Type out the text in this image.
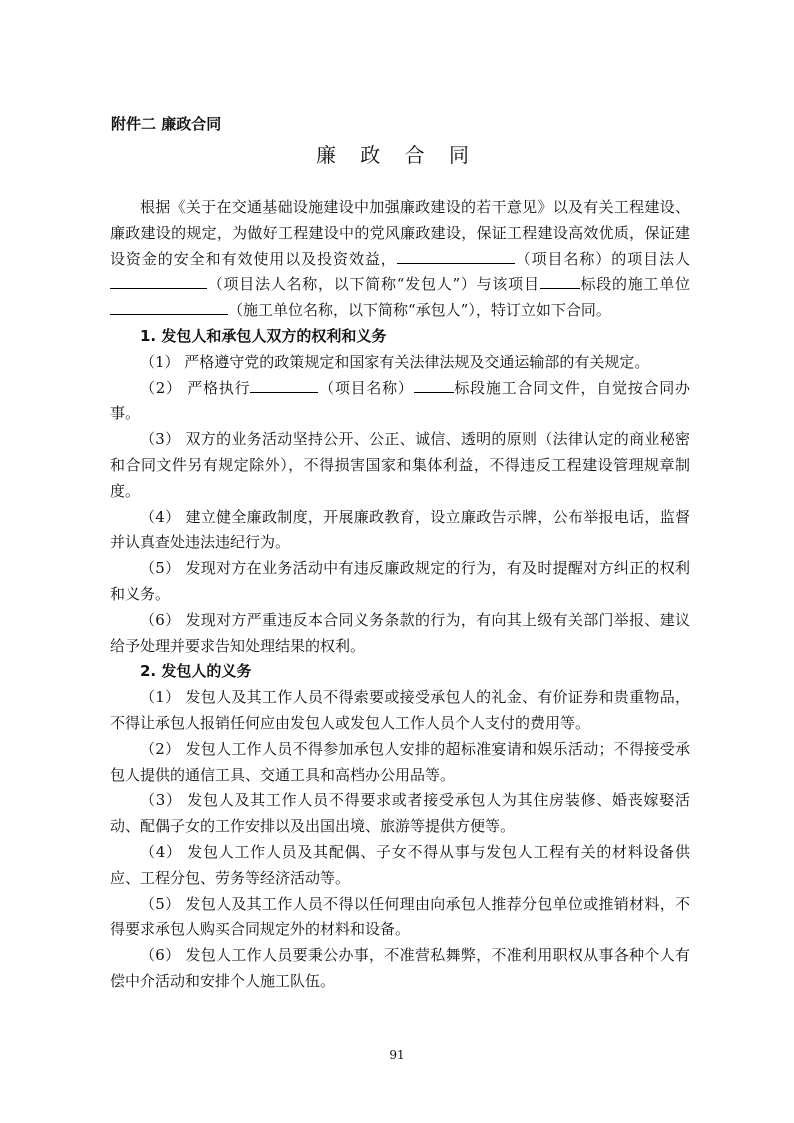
附件二 廉政合同
廉 政 合 同

根据《关于在交通基础设施建设中加强廉政建设的若干意见》以及有关工程建设、廉政建设的规定，为做好工程建设中的党风廉政建设，保证工程建设高效优质，保证建设资金的安全和有效使用以及投资效益，	（项目名称）的项目法人（项目法人名称，以下简称“发包人”）与该项目	标段的施工单位（施工单位名称，以下简称“承包人”），特订立如下合同。

1. 发包人和承包人双方的权利和义务

（1） 严格遵守党的政策规定和国家有关法律法规及交通运输部的有关规定。

（2） 严格执行	（项目名称）	标段施工合同文件，自觉按合同办事。

（3） 双方的业务活动坚持公开、公正、诚信、透明的原则（法律认定的商业秘密和合同文件另有规定除外），不得损害国家和集体利益，不得违反工程建设管理规章制度。

（4） 建立健全廉政制度，开展廉政教育，设立廉政告示牌，公布举报电话，监督并认真查处违法违纪行为。

（5） 发现对方在业务活动中有违反廉政规定的行为，有及时提醒对方纠正的权利和义务。

（6） 发现对方严重违反本合同义务条款的行为，有向其上级有关部门举报、建议给予处理并要求告知处理结果的权利。

2. 发包人的义务

（1） 发包人及其工作人员不得索要或接受承包人的礼金、有价证券和贵重物品，不得让承包人报销任何应由发包人或发包人工作人员个人支付的费用等。

（2） 发包人工作人员不得参加承包人安排的超标准宴请和娱乐活动；不得接受承包人提供的通信工具、交通工具和高档办公用品等。

（3） 发包人及其工作人员不得要求或者接受承包人为其住房装修、婚丧嫁娶活动、配偶子女的工作安排以及出国出境、旅游等提供方便等。

（4） 发包人工作人员及其配偶、子女不得从事与发包人工程有关的材料设备供应、工程分包、劳务等经济活动等。

（5） 发包人及其工作人员不得以任何理由向承包人推荐分包单位或推销材料，不得要求承包人购买合同规定外的材料和设备。

（6） 发包人工作人员要秉公办事，不准营私舞弊，不准利用职权从事各种个人有偿中介活动和安排个人施工队伍。

91
